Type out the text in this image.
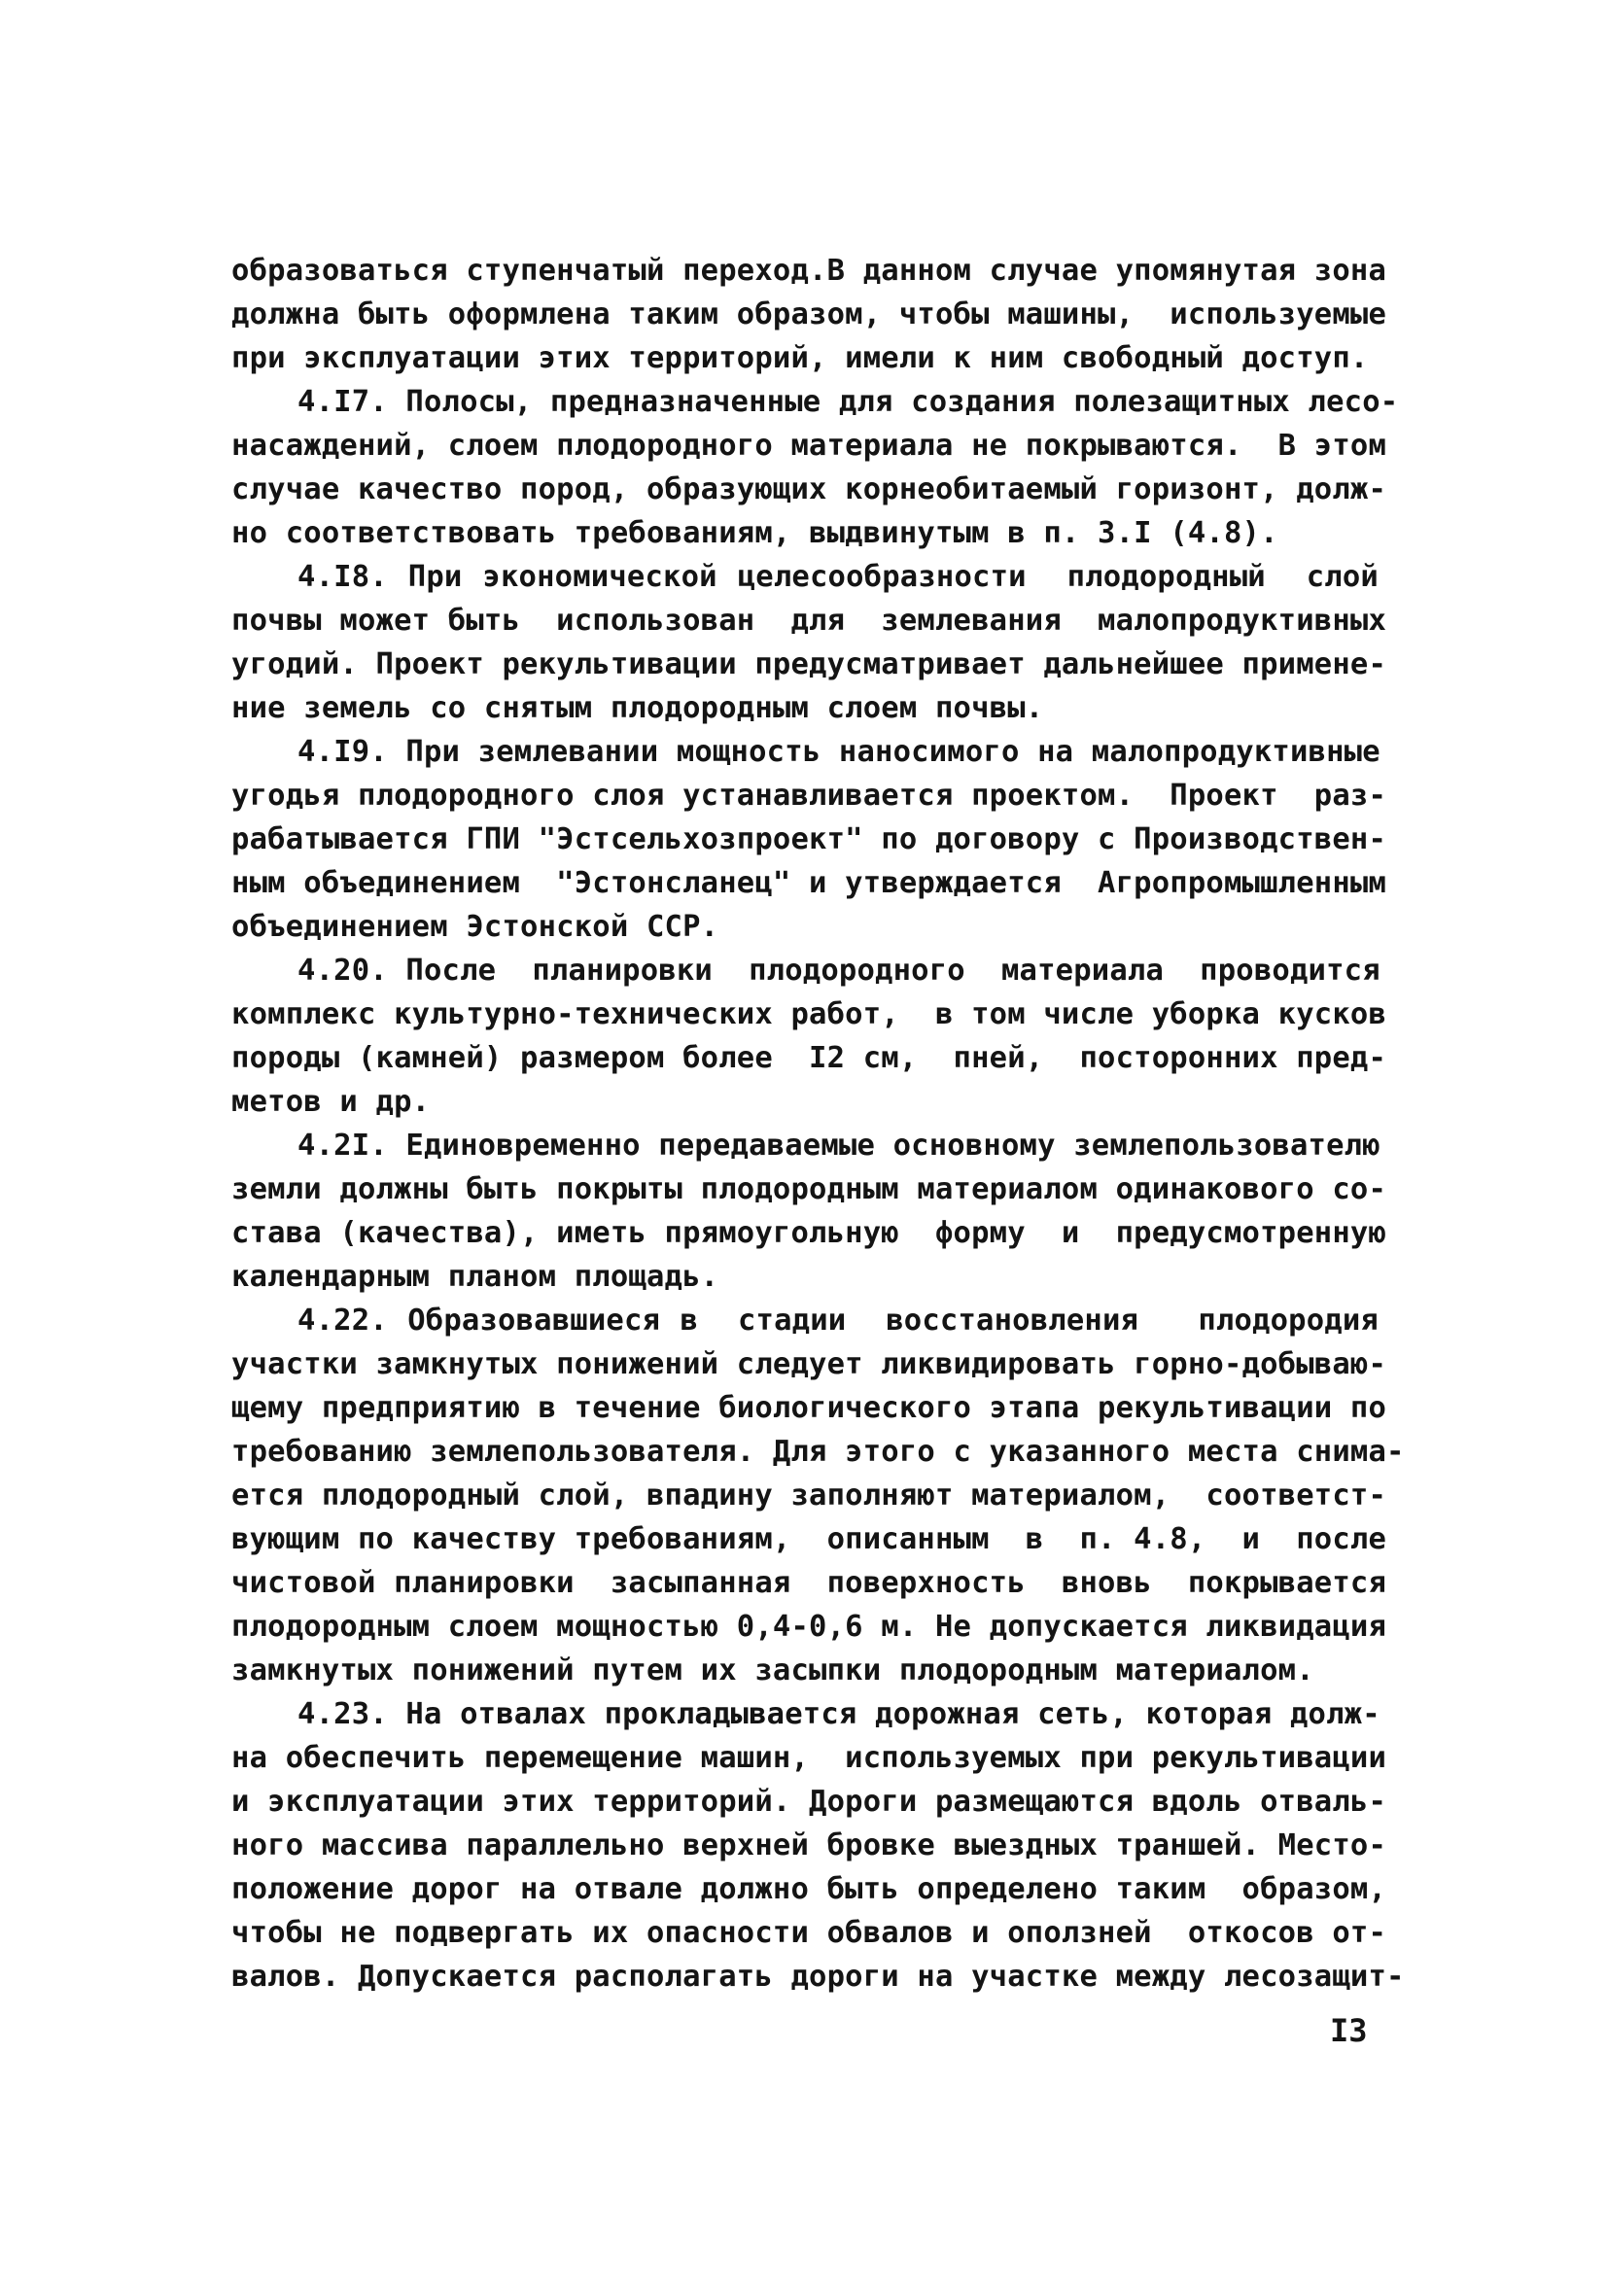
образоваться ступенчатый переход.В данном случае упомянутая зона
должна быть оформлена таким образом, чтобы машины,  используемые
при эксплуатации этих территорий, имели к ним свободный доступ.
4.I7. Полосы, предназначенные для создания полезащитных лесо-
насаждений, слоем плодородного материала не покрываются.  В этом
случае качество пород, образующих корнеобитаемый горизонт, долж-
но соответствовать требованиям, выдвинутым в п. 3.I (4.8).
4.I8. При экономической целесообразности  плодородный  слой
почвы может быть  использован  для  землевания  малопродуктивных
угодий. Проект рекультивации предусматривает дальнейшее примене-
ние земель со снятым плодородным слоем почвы.
4.I9. При землевании мощность наносимого на малопродуктивные
угодья плодородного слоя устанавливается проектом.  Проект  раз-
рабатывается ГПИ "Эстсельхозпроект" по договору с Производствен-
ным объединением  "Эстонсланец" и утверждается  Агропромышленным
объединением Эстонской ССР.
4.20. После  планировки  плодородного  материала  проводится
комплекс культурно-технических работ,  в том числе уборка кусков
породы (камней) размером более  I2 см,  пней,  посторонних пред-
метов и др.
4.2I. Единовременно передаваемые основному землепользователю
земли должны быть покрыты плодородным материалом одинакового со-
става (качества), иметь прямоугольную  форму  и  предусмотренную
календарным планом площадь.
4.22. Образовавшиеся в  стадии  восстановления   плодородия
участки замкнутых понижений следует ликвидировать горно-добываю-
щему предприятию в течение биологического этапа рекультивации по
требованию землепользователя. Для этого с указанного места снима-
ется плодородный слой, впадину заполняют материалом,  соответст-
вующим по качеству требованиям,  описанным  в  п. 4.8,  и  после
чистовой планировки  засыпанная  поверхность  вновь  покрывается
плодородным слоем мощностью 0,4-0,6 м. Не допускается ликвидация
замкнутых понижений путем их засыпки плодородным материалом.
4.23. На отвалах прокладывается дорожная сеть, которая долж-
на обеспечить перемещение машин,  используемых при рекультивации
и эксплуатации этих территорий. Дороги размещаются вдоль отваль-
ного массива параллельно верхней бровке выездных траншей. Место-
положение дорог на отвале должно быть определено таким  образом,
чтобы не подвергать их опасности обвалов и оползней  откосов от-
валов. Допускается располагать дороги на участке между лесозащит-
I3
